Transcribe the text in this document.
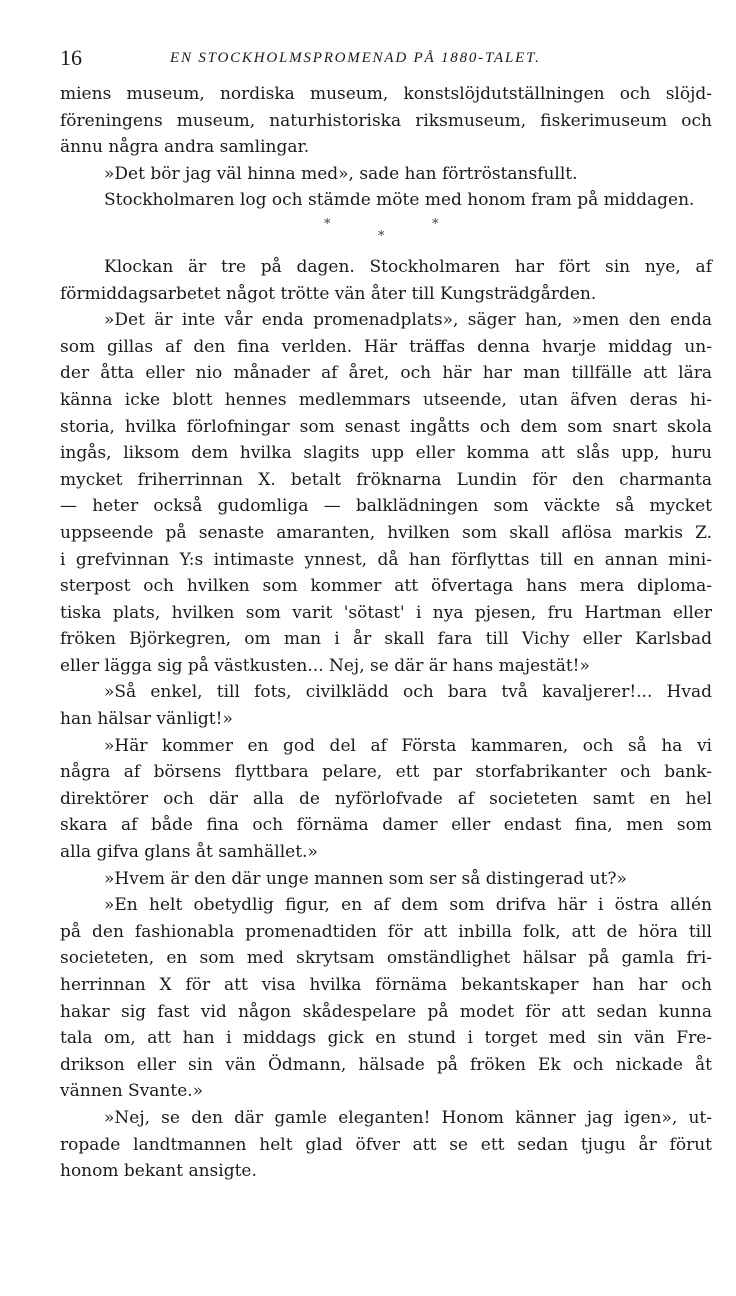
16	EN STOCKHOLMSPROMENAD PÅ 1880-TALET.
miens museum, nordiska museum, konstslöjdutställningen och slöjd-
föreningens museum, naturhistoriska riksmuseum, fiskerimuseum och
ännu några andra samlingar.
»Det bör jag väl hinna med», sade han förtröstansfullt.
Stockholmaren log och stämde möte med honom fram på middagen.
*	*
*
Klockan är tre på dagen. Stockholmaren har fört sin nye, af
förmiddagsarbetet något trötte vän åter till Kungsträdgården.
»Det är inte vår enda promenadplats», säger han, »men den enda
som gillas af den fina verlden. Här träffas denna hvarje middag un-
der åtta eller nio månader af året, och här har man tillfälle att lära
känna icke blott hennes medlemmars utseende, utan äfven deras hi-
storia, hvilka förlofningar som senast ingåtts och dem som snart skola
ingås, liksom dem hvilka slagits upp eller komma att slås upp, huru
mycket friherrinnan X. betalt fröknarna Lundin för den charmanta
— heter också gudomliga — balklädningen som väckte så mycket
uppseende på senaste amaranten, hvilken som skall aflösa markis Z.
i grefvinnan Y:s intimaste ynnest, då han förflyttas till en annan mini-
sterpost och hvilken som kommer att öfvertaga hans mera diploma-
tiska plats, hvilken som varit 'sötast' i nya pjesen, fru Hartman eller
fröken Björkegren, om man i år skall fara till Vichy eller Karlsbad
eller lägga sig på västkusten... Nej, se där är hans majestät!»
»Så enkel, till fots, civilklädd och bara två kavaljerer!... Hvad
han hälsar vänligt!»
»Här kommer en god del af Första kammaren, och så ha vi
några af börsens flyttbara pelare, ett par storfabrikanter och bank-
direktörer och där alla de nyförlofvade af societeten samt en hel
skara af både fina och förnäma damer eller endast fina, men som
alla gifva glans åt samhället.»
»Hvem är den där unge mannen som ser så distingerad ut?»
»En helt obetydlig figur, en af dem som drifva här i östra allén
på den fashionabla promenadtiden för att inbilla folk, att de höra till
societeten, en som med skrytsam omständlighet hälsar på gamla fri-
herrinnan X för att visa hvilka förnäma bekantskaper han har och
hakar sig fast vid någon skådespelare på modet för att sedan kunna
tala om, att han i middags gick en stund i torget med sin vän Fre-
drikson eller sin vän Ödmann, hälsade på fröken Ek och nickade åt
vännen Svante.»
»Nej, se den där gamle eleganten! Honom känner jag igen», ut-
ropade landtmannen helt glad öfver att se ett sedan tjugu år förut
honom bekant ansigte.
